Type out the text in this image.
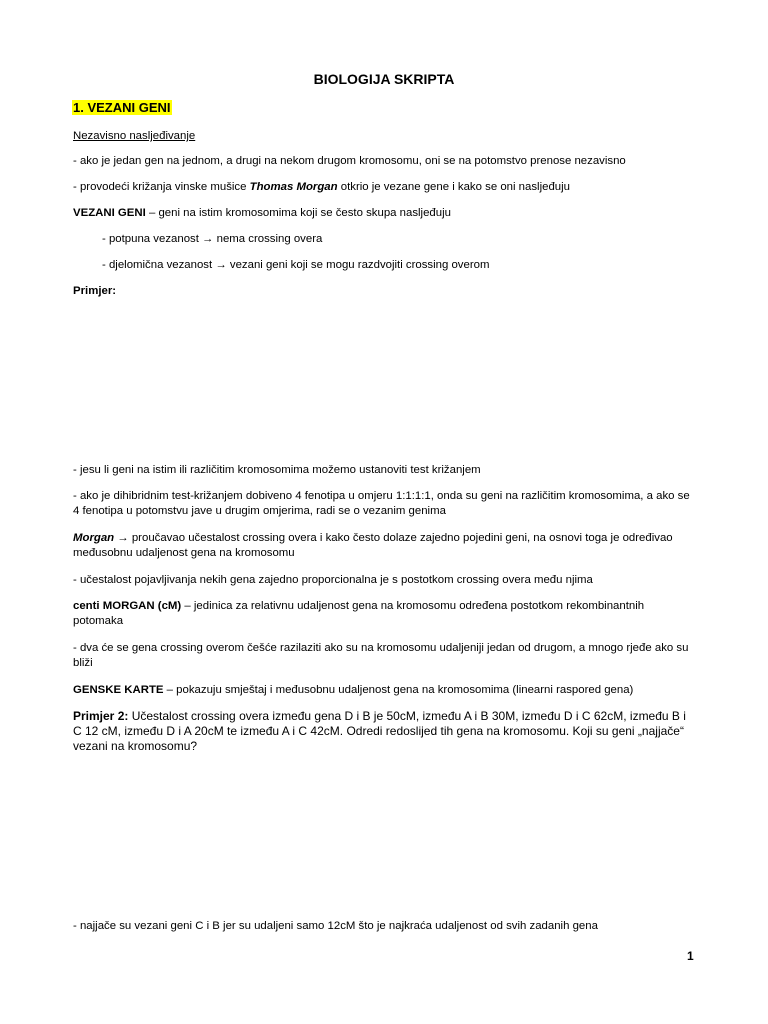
BIOLOGIJA SKRIPTA
1. VEZANI GENI
Nezavisno nasljeđivanje
- ako je jedan gen na jednom, a drugi na nekom drugom kromosomu, oni se na potomstvo prenose nezavisno
- provodeći križanja vinske mušice Thomas Morgan otkrio je vezane gene i kako se oni nasljeđuju
VEZANI GENI – geni na istim kromosomima koji se često skupa nasljeđuju
- potpuna vezanost → nema crossing overa
- djelomična vezanost → vezani geni koji se mogu razdvojiti crossing overom
Primjer:
- jesu li geni na istim ili različitim kromosomima možemo ustanoviti test križanjem
- ako je dihibridnim test-križanjem dobiveno 4 fenotipa u omjeru 1:1:1:1, onda su geni na različitim kromosomima, a ako se 4 fenotipa u potomstvu jave u drugim omjerima, radi se o vezanim genima
Morgan → proučavao učestalost crossing overa i kako često dolaze zajedno pojedini geni, na osnovi toga je određivao međusobnu udaljenost gena na kromosomu
- učestalost pojavljivanja nekih gena zajedno proporcionalna je s postotkom crossing overa među njima
centi MORGAN (cM) – jedinica za relativnu udaljenost gena na kromosomu određena postotkom rekombinantnih potomaka
- dva će se gena crossing overom češće razilaziti ako su na kromosomu udaljeniji jedan od drugom, a mnogo rjeđe ako su bliži
GENSKE KARTE – pokazuju smještaj i međusobnu udaljenost gena na kromosomima (linearni raspored gena)
Primjer 2: Učestalost crossing overa između gena D i B je 50cM, između A i B 30M, između D i C 62cM, između B i C 12 cM, između D i A 20cM te između A i C 42cM. Odredi redoslijed tih gena na kromosomu. Koji su geni „najjače“ vezani na kromosomu?
- najjače su vezani geni C i B jer su udaljeni samo 12cM što je najkraća udaljenost od svih zadanih gena
1
